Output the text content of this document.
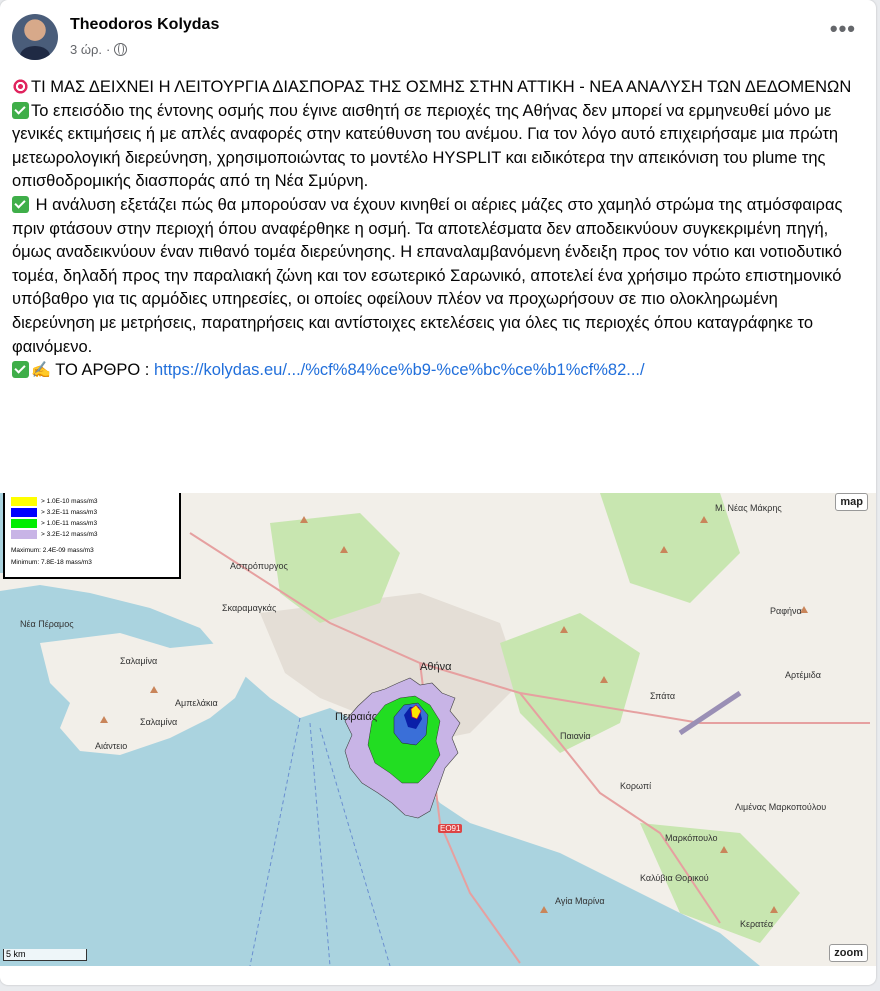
Theodoros Kolydas
3 ώρ. ·
•••

ΤΙ ΜΑΣ ΔΕΙΧΝΕΙ Η ΛΕΙΤΟΥΡΓΙΑ ΔΙΑΣΠΟΡΑΣ ΤΗΣ ΟΣΜΗΣ ΣΤΗΝ ΑΤΤΙΚΗ - ΝΕΑ ΑΝΑΛΥΣΗ ΤΩΝ ΔΕΔΟΜΕΝΩΝ

Το επεισόδιο της έντονης οσμής που έγινε αισθητή σε περιοχές της Αθήνας δεν μπορεί να ερμηνευθεί μόνο με γενικές εκτιμήσεις ή με απλές αναφορές στην κατεύθυνση του ανέμου. Για τον λόγο αυτό επιχειρήσαμε μια πρώτη μετεωρολογική διερεύνηση, χρησιμοποιώντας το μοντέλο HYSPLIT και ειδικότερα την απεικόνιση του plume της οπισθοδρομικής διασποράς από τη Νέα Σμύρνη.

Η ανάλυση εξετάζει πώς θα μπορούσαν να έχουν κινηθεί οι αέριες μάζες στο χαμηλό στρώμα της ατμόσφαιρας πριν φτάσουν στην περιοχή όπου αναφέρθηκε η οσμή. Τα αποτελέσματα δεν αποδεικνύουν συγκεκριμένη πηγή, όμως αναδεικνύουν έναν πιθανό τομέα διερεύνησης. Η επαναλαμβανόμενη ένδειξη προς τον νότιο και νοτιοδυτικό τομέα, δηλαδή προς την παραλιακή ζώνη και τον εσωτερικό Σαρωνικό, αποτελεί ένα χρήσιμο πρώτο επιστημονικό υπόβαθρο για τις αρμόδιες υπηρεσίες, οι οποίες οφείλουν πλέον να προχωρήσουν σε πιο ολοκληρωμένη διερεύνηση με μετρήσεις, παρατηρήσεις και αντίστοιχες εκτελέσεις για όλες τις περιοχές όπου καταγράφηκε το φαινόμενο.

✍ ΤΟ ΑΡΘΡΟ : https://kolydas.eu/.../%cf%84%ce%b9-%ce%bc%ce%b1%cf%82.../

> 1.0E-10 mass/m3
> 3.2E-11 mass/m3
> 1.0E-11 mass/m3
> 3.2E-12 mass/m3
Maximum: 2.4E-09 mass/m3
Minimum: 7.8E-18 mass/m3
map
zoom
5 km
Ασπρόπυργος
Σκαραμαγκάς
Νέα Πέραμος
Αθήνα
Πειραιάς
Σαλαμίνα
Αμπελάκια
Σαλαμίνα
Αιάντειο
Παιανία
Σπάτα
Ραφήνα
Αρτέμιδα
Κορωπί
Μαρκόπουλο
Λιμένας Μαρκοπούλου
Καλύβια Θορικού
Αγία Μαρίνα
Κερατέα
Μ. Νέας Μάκρης
ΕΟ91
